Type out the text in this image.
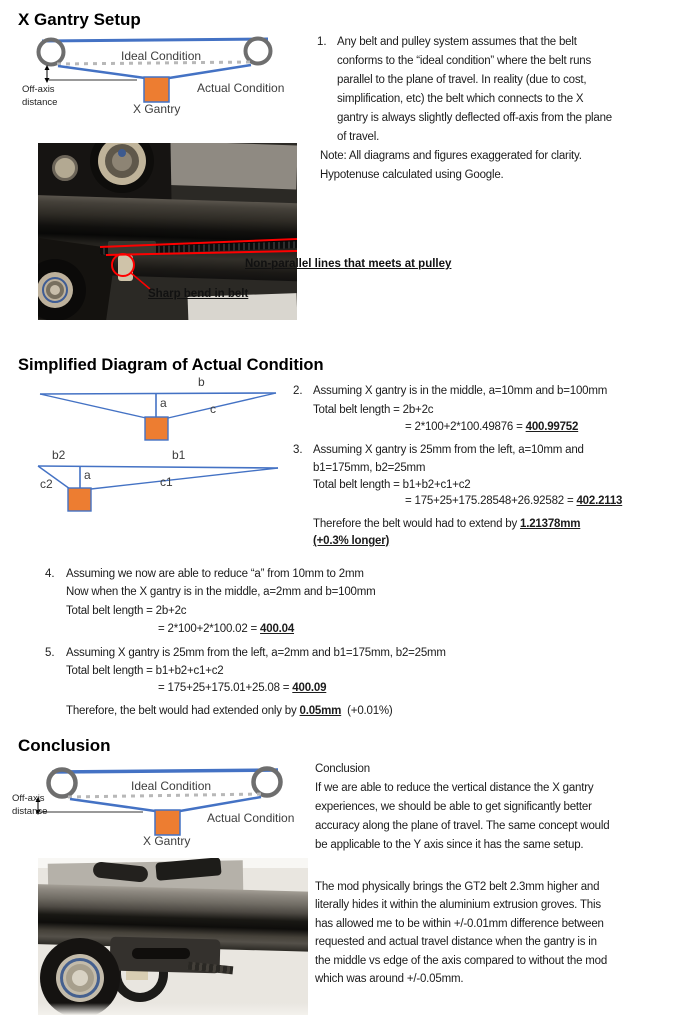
X Gantry Setup
Ideal Condition
Actual Condition
X Gantry
Off-axis
distance
1. Any belt and pulley system assumes that the belt
conforms to the “ideal condition” where the belt runs
parallel to the plane of travel. In reality (due to cost,
simplification, etc) the belt which connects to the X
gantry is always slightly deflected off-axis from the plane
of travel.
Note: All diagrams and figures exaggerated for clarity.
Hypotenuse calculated using Google.
Non-parallel lines that meets at pulley
Sharp bend in belt
Simplified Diagram of Actual Condition
b
a	c
b2	b1
a
c2	c1
2. Assuming X gantry is in the middle, a=10mm and b=100mm
Total belt length = 2b+2c
= 2*100+2*100.49876 = 400.99752
3. Assuming X gantry is 25mm from the left, a=10mm and
b1=175mm, b2=25mm
Total belt length = b1+b2+c1+c2
= 175+25+175.28548+26.92582 = 402.2113
Therefore the belt would had to extend by 1.21378mm
(+0.3% longer)
4. Assuming we now are able to reduce “a” from 10mm to 2mm
Now when the X gantry is in the middle, a=2mm and b=100mm
Total belt length = 2b+2c
= 2*100+2*100.02 = 400.04
5. Assuming X gantry is 25mm from the left, a=2mm and b1=175mm, b2=25mm
Total belt length = b1+b2+c1+c2
= 175+25+175.01+25.08 = 400.09
Therefore, the belt would had extended only by 0.05mm  (+0.01%)
Conclusion
Ideal Condition
Actual Condition
X Gantry
Off-axis
distance
Conclusion
If we are able to reduce the vertical distance the X gantry
experiences, we should be able to get significantly better
accuracy along the plane of travel. The same concept would
be applicable to the Y axis since it has the same setup.
The mod physically brings the GT2 belt 2.3mm higher and
literally hides it within the aluminium extrusion groves. This
has allowed me to be within +/-0.01mm difference between
requested and actual travel distance when the gantry is in
the middle vs edge of the axis compared to without the mod
which was around +/-0.05mm.
